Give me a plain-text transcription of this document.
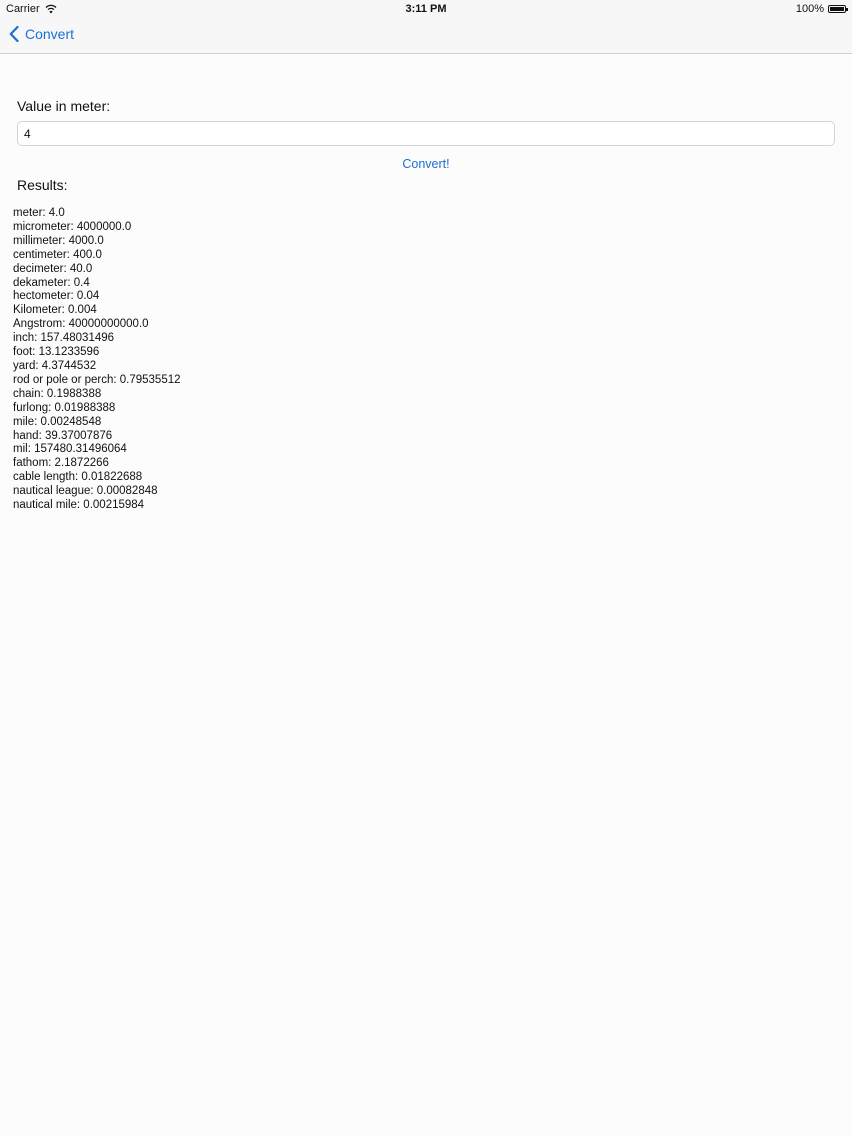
Carrier	3:11 PM	100%
Convert
Value in meter:
4
Convert!
Results:
meter: 4.0
micrometer: 4000000.0
millimeter: 4000.0
centimeter: 400.0
decimeter: 40.0
dekameter: 0.4
hectometer: 0.04
Kilometer: 0.004
Angstrom: 40000000000.0
inch: 157.48031496
foot: 13.1233596
yard: 4.3744532
rod or pole or perch: 0.79535512
chain: 0.1988388
furlong: 0.01988388
mile: 0.00248548
hand: 39.37007876
mil: 157480.31496064
fathom: 2.1872266
cable length: 0.01822688
nautical league: 0.00082848
nautical mile: 0.00215984
